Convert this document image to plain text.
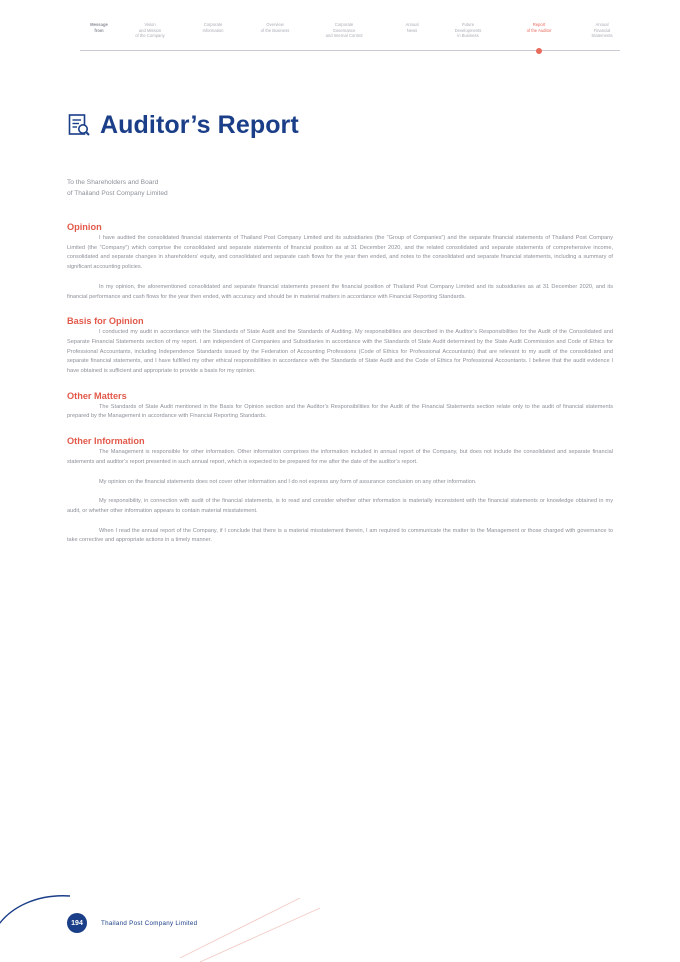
Message
from
Vision
and Mission
of the Company
Corporate
Information
Overview
of the Business
Corporate
Governance
and Internal Control
Annual
News
Future
Developments
in Business
Report
of the Auditor
Annual
Financial
Statements
Auditor’s Report
To the Shareholders and Board
of Thailand Post Company Limited
Opinion

I have audited the consolidated financial statements of Thailand Post Company Limited and its subsidiaries (the “Group of Companies”) and the separate financial statements of Thailand Post Company Limited (the “Company”) which comprise the consolidated and separate statements of financial position as at 31 December 2020, and the related consolidated and separate statements of comprehensive income, consolidated and separate changes in shareholders’ equity, and consolidated and separate cash flows for the year then ended, and notes to the consolidated and separate financial statements, including a summary of significant accounting policies.

In my opinion, the aforementioned consolidated and separate financial statements present the financial position of Thailand Post Company Limited and its subsidiaries as at 31 December 2020, and its financial performance and cash flows for the year then ended, with accuracy and should be in material matters in accordance with Financial Reporting Standards.

Basis for Opinion

I conducted my audit in accordance with the Standards of State Audit and the Standards of Auditing. My responsibilities are described in the Auditor’s Responsibilities for the Audit of the Consolidated and Separate Financial Statements section of my report. I am independent of Companies and Subsidiaries in accordance with the Standards of State Audit determined by the State Audit Commission and Code of Ethics for Professional Accountants, including Independence Standards issued by the Federation of Accounting Professions (Code of Ethics for Professional Accountants) that are relevant to my audit of the consolidated and separate financial statements, and I have fulfilled my other ethical responsibilities in accordance with the Standards of State Audit and the Code of Ethics for Professional Accountants. I believe that the audit evidence I have obtained is sufficient and appropriate to provide a basis for my opinion.

Other Matters

The Standards of State Audit mentioned in the Basis for Opinion section and the Auditor’s Responsibilities for the Audit of the Financial Statements section relate only to the audit of financial statements prepared by the Management in accordance with Financial Reporting Standards.

Other Information

The Management is responsible for other information. Other information comprises the information included in annual report of the Company, but does not include the consolidated and separate financial statements and auditor’s report presented in such annual report, which is expected to be prepared for me after the date of the auditor’s report.

My opinion on the financial statements does not cover other information and I do not express any form of assurance conclusion on any other information.

My responsibility, in connection with audit of the financial statements, is to read and consider whether other information is materially inconsistent with the financial statements or knowledge obtained in my audit, or whether other information appears to contain material misstatement.

When I read the annual report of the Company, if I conclude that there is a material misstatement therein, I am required to communicate the matter to the Management or those charged with governance to take corrective and appropriate actions in a timely manner.

194	Thailand Post Company Limited
